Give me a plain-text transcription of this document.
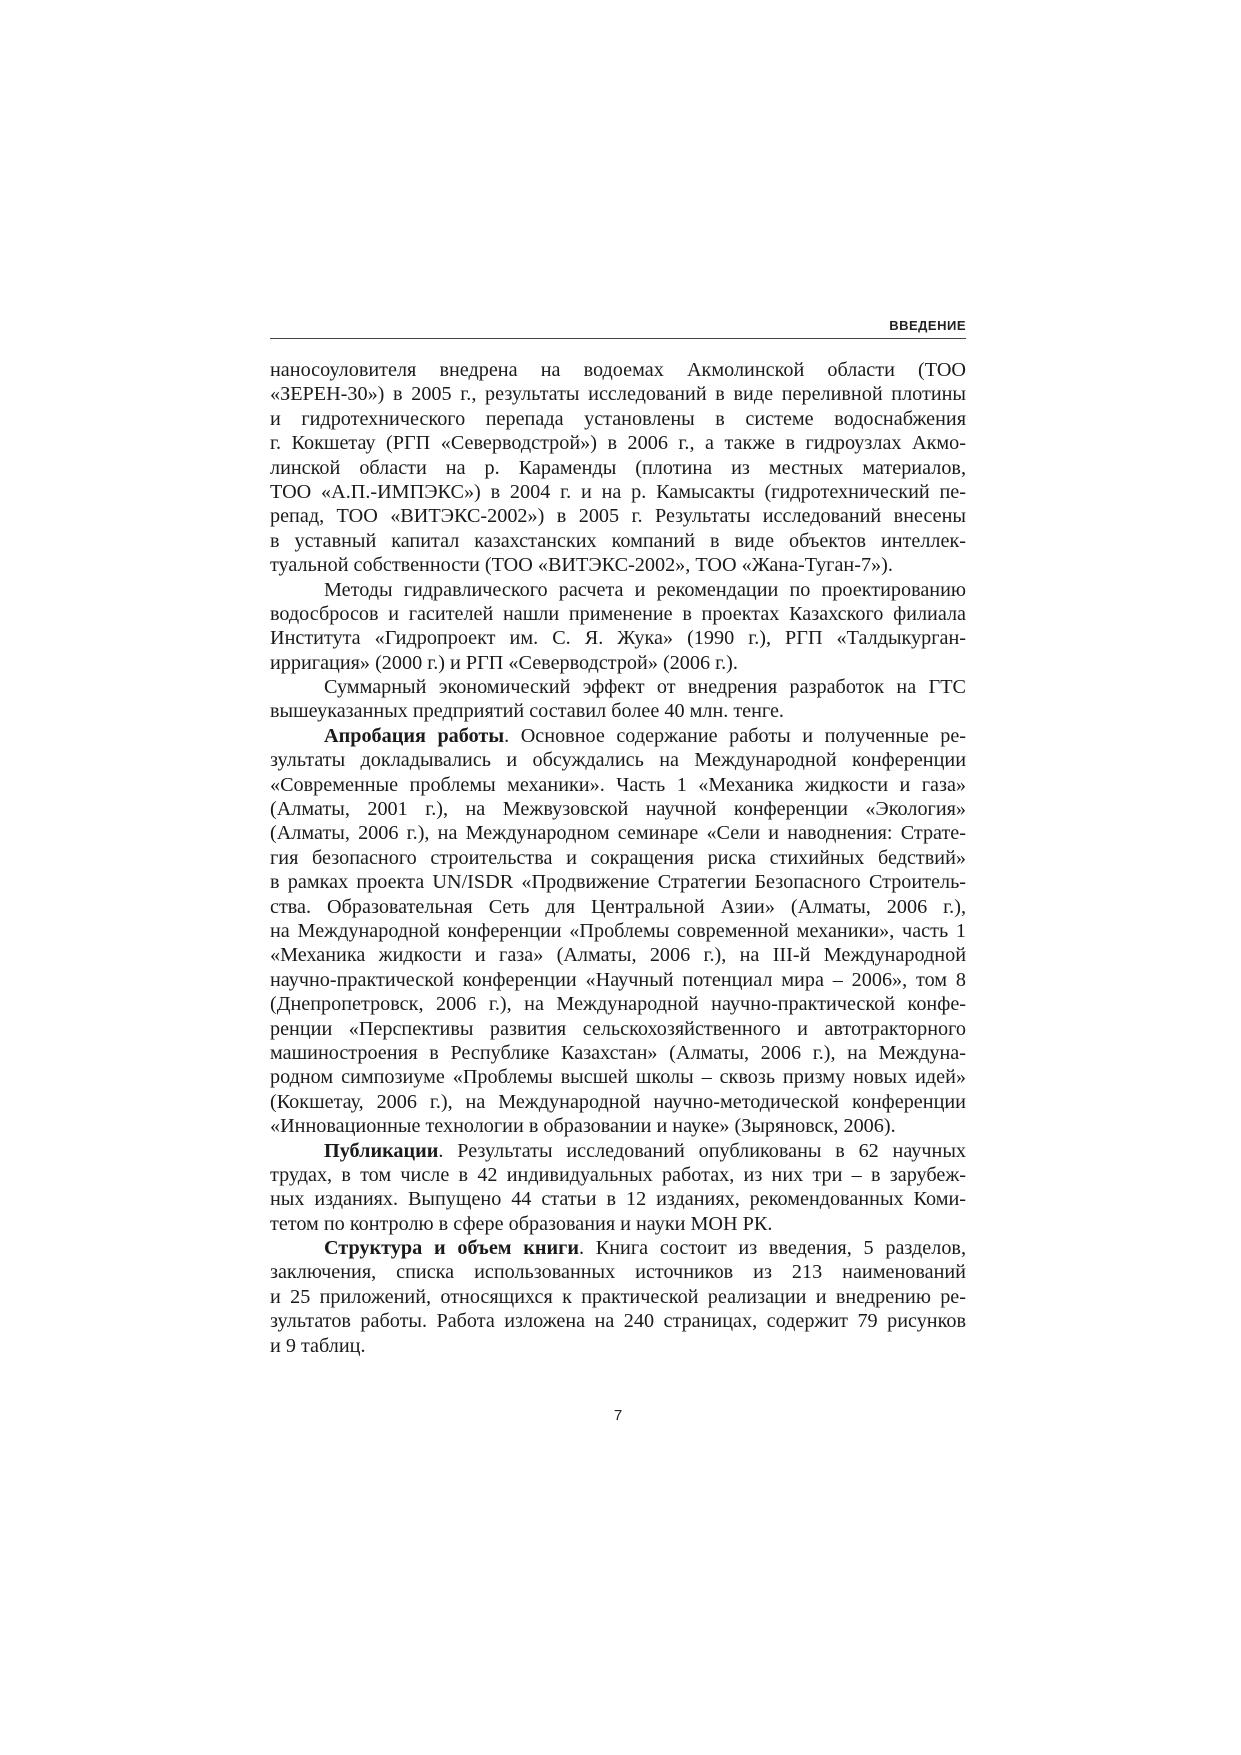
ВВЕДЕНИЕ
наносоуловителя внедрена на водоемах Акмолинской области (ТОО
«ЗЕРЕН-30») в 2005 г., результаты исследований в виде переливной плотины
и гидротехнического перепада установлены в системе водоснабжения
г. Кокшетау (РГП «Северводстрой») в 2006 г., а также в гидроузлах Акмо-
линской области на р. Караменды (плотина из местных материалов,
ТОО «А.П.-ИМПЭКС») в 2004 г. и на р. Камысакты (гидротехнический пе-
репад, ТОО «ВИТЭКС-2002») в 2005 г. Результаты исследований внесены
в уставный капитал казахстанских компаний в виде объектов интеллек-
туальной собственности (ТОО «ВИТЭКС-2002», ТОО «Жана-Туган-7»).
Методы гидравлического расчета и рекомендации по проектированию
водосбросов и гасителей нашли применение в проектах Казахского филиала
Института «Гидропроект им. С. Я. Жука» (1990 г.), РГП «Талдыкурган-
ирригация» (2000 г.) и РГП «Северводстрой» (2006 г.).
Суммарный экономический эффект от внедрения разработок на ГТС
вышеуказанных предприятий составил более 40 млн. тенге.
Апробация работы. Основное содержание работы и полученные ре-
зультаты докладывались и обсуждались на Международной конференции
«Современные проблемы механики». Часть 1 «Механика жидкости и газа»
(Алматы, 2001 г.), на Межвузовской научной конференции «Экология»
(Алматы, 2006 г.), на Международном семинаре «Сели и наводнения: Страте-
гия безопасного строительства и сокращения риска стихийных бедствий»
в рамках проекта UN/ISDR «Продвижение Стратегии Безопасного Строитель-
ства. Образовательная Сеть для Центральной Азии» (Алматы, 2006 г.),
на Международной конференции «Проблемы современной механики», часть 1
«Механика жидкости и газа» (Алматы, 2006 г.), на III-й Международной
научно-практической конференции «Научный потенциал мира – 2006», том 8
(Днепропетровск, 2006 г.), на Международной научно-практической конфе-
ренции «Перспективы развития сельскохозяйственного и автотракторного
машиностроения в Республике Казахстан» (Алматы, 2006 г.), на Междуна-
родном симпозиуме «Проблемы высшей школы – сквозь призму новых идей»
(Кокшетау, 2006 г.), на Международной научно-методической конференции
«Инновационные технологии в образовании и науке» (Зыряновск, 2006).
Публикации. Результаты исследований опубликованы в 62 научных
трудах, в том числе в 42 индивидуальных работах, из них три – в зарубеж-
ных изданиях. Выпущено 44 статьи в 12 изданиях, рекомендованных Коми-
тетом по контролю в сфере образования и науки МОН РК.
Структура и объем книги. Книга состоит из введения, 5 разделов,
заключения, списка использованных источников из 213 наименований
и 25 приложений, относящихся к практической реализации и внедрению ре-
зультатов работы. Работа изложена на 240 страницах, содержит 79 рисунков
и 9 таблиц.
7
